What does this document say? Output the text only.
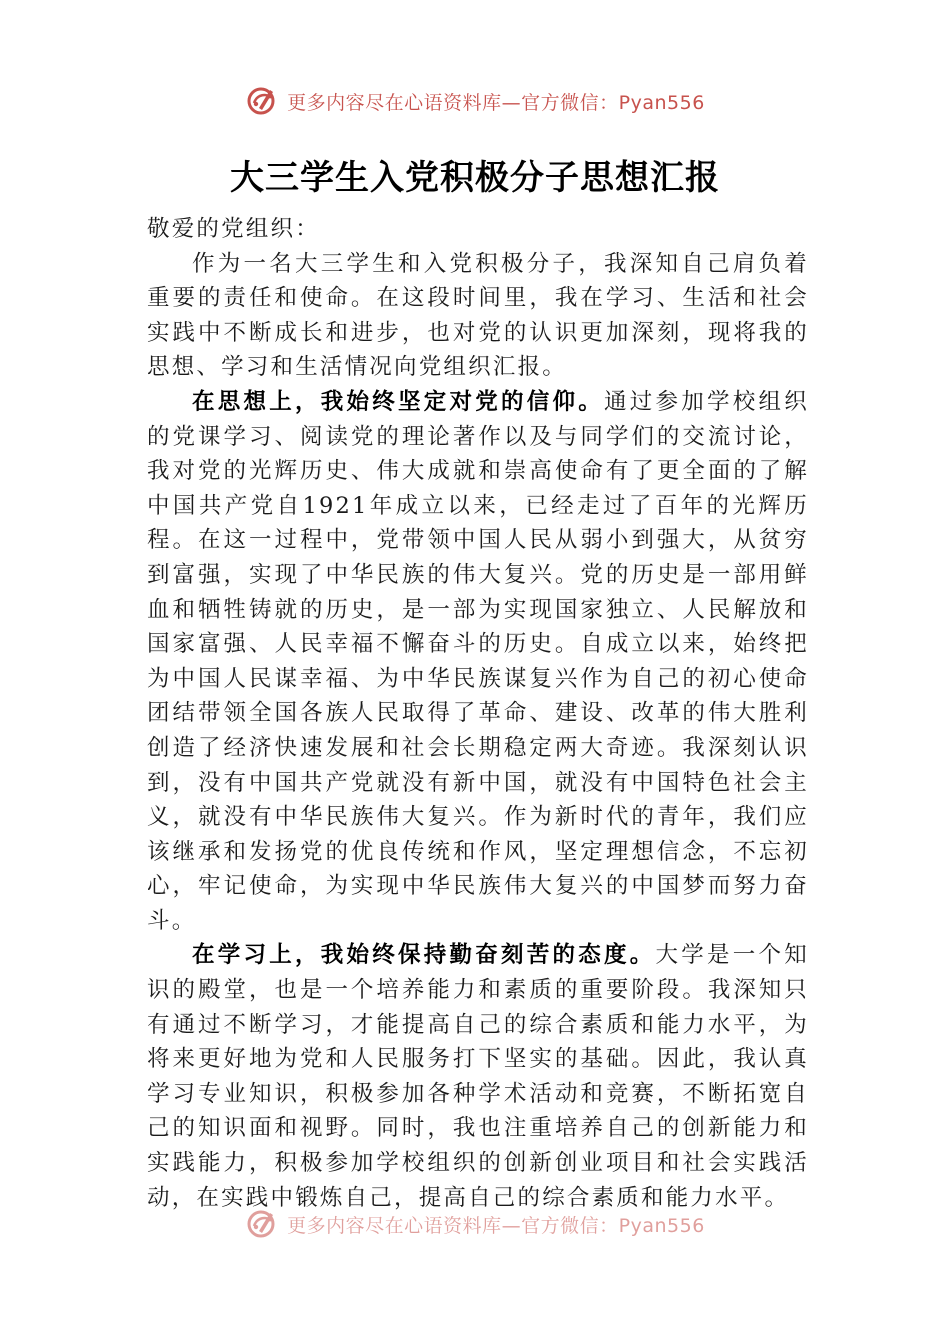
更多内容尽在心语资料库—官方微信：Pyan556
大三学生入党积极分子思想汇报

敬爱的党组织：

作为一名大三学生和入党积极分子，我深知自己肩负着重要的责任和使命。在这段时间里，我在学习、生活和社会实践中不断成长和进步，也对党的认识更加深刻，现将我的思想、学习和生活情况向党组织汇报。

在思想上，我始终坚定对党的信仰。通过参加学校组织的党课学习、阅读党的理论著作以及与同学们的交流讨论，我对党的光辉历史、伟大成就和崇高使命有了更全面的了解中国共产党自1921年成立以来，已经走过了百年的光辉历程。在这一过程中，党带领中国人民从弱小到强大，从贫穷到富强，实现了中华民族的伟大复兴。党的历史是一部用鲜血和牺牲铸就的历史，是一部为实现国家独立、人民解放和国家富强、人民幸福不懈奋斗的历史。自成立以来，始终把为中国人民谋幸福、为中华民族谋复兴作为自己的初心使命团结带领全国各族人民取得了革命、建设、改革的伟大胜利创造了经济快速发展和社会长期稳定两大奇迹。我深刻认识到，没有中国共产党就没有新中国，就没有中国特色社会主义，就没有中华民族伟大复兴。作为新时代的青年，我们应该继承和发扬党的优良传统和作风，坚定理想信念，不忘初心，牢记使命，为实现中华民族伟大复兴的中国梦而努力奋斗。

在学习上，我始终保持勤奋刻苦的态度。大学是一个知识的殿堂，也是一个培养能力和素质的重要阶段。我深知只有通过不断学习，才能提高自己的综合素质和能力水平，为将来更好地为党和人民服务打下坚实的基础。因此，我认真学习专业知识，积极参加各种学术活动和竞赛，不断拓宽自己的知识面和视野。同时，我也注重培养自己的创新能力和实践能力，积极参加学校组织的创新创业项目和社会实践活动，在实践中锻炼自己，提高自己的综合素质和能力水平。

更多内容尽在心语资料库—官方微信：Pyan556
